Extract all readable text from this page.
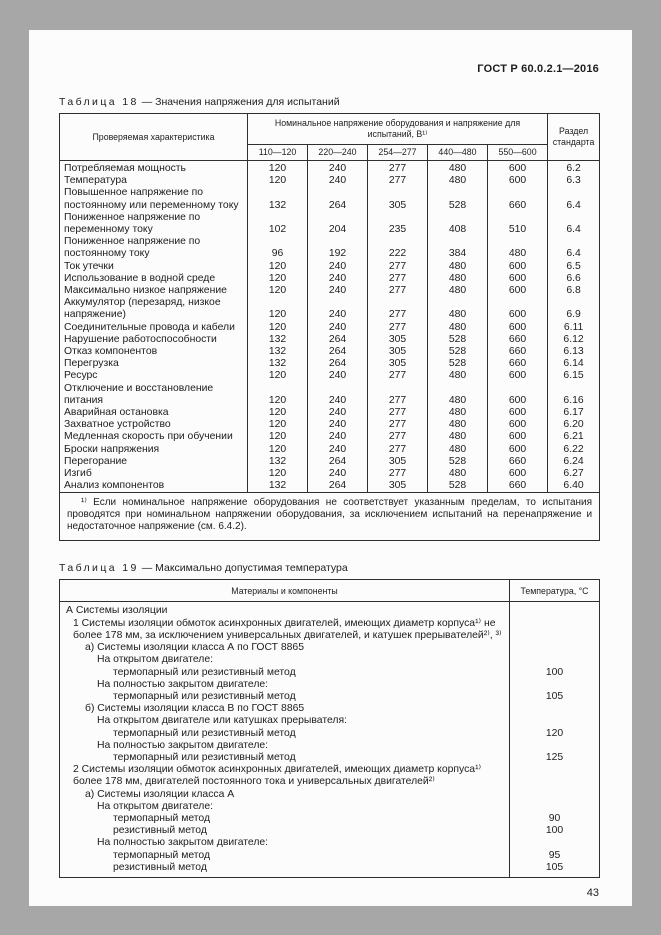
ГОСТ Р 60.0.2.1—2016
Таблица 18 — Значения напряжения для испытаний
Проверяемая характеристика	Номинальное напряжение оборудования и напряжение для испытаний, В¹⁾					Раздел стандарта
	110—120	220—240	254—277	440—480	550—600	
Потребляемая мощность	120	240	277	480	600	6.2
Температура	120	240	277	480	600	6.3
Повышенное напряжение по постоянному или переменному току	132	264	305	528	660	6.4
Пониженное напряжение по переменному току	102	204	235	408	510	6.4
Пониженное напряжение по постоянному току	96	192	222	384	480	6.4
Ток утечки	120	240	277	480	600	6.5
Использование в водной среде	120	240	277	480	600	6.6
Максимально низкое напряжение	120	240	277	480	600	6.8
Аккумулятор (перезаряд, низкое напряжение)	120	240	277	480	600	6.9
Соединительные провода и кабели	120	240	277	480	600	6.11
Нарушение работоспособности	132	264	305	528	660	6.12
Отказ компонентов	132	264	305	528	660	6.13
Перегрузка	132	264	305	528	660	6.14
Ресурс	120	240	277	480	600	6.15
Отключение и восстановление питания	120	240	277	480	600	6.16
Аварийная остановка	120	240	277	480	600	6.17
Захватное устройство	120	240	277	480	600	6.20
Медленная скорость при обучении	120	240	277	480	600	6.21
Броски напряжения	120	240	277	480	600	6.22
Перегорание	132	264	305	528	660	6.24
Изгиб	120	240	277	480	600	6.27
Анализ компонентов	132	264	305	528	660	6.40
¹⁾ Если номинальное напряжение оборудования не соответствует указанным пределам, то испытания проводятся при номинальном напряжении оборудования, за исключением испытаний на перенапряжение и недостаточное напряжение (см. 6.4.2).						
Таблица 19 — Максимально допустимая температура
Материалы и компоненты	Температура, °С
А Системы изоляции	
1 Системы изоляции обмоток асинхронных двигателей, имеющих диаметр корпуса¹⁾ не более 178 мм, за исключением универсальных двигателей, и катушек прерывателей²⁾, ³⁾	
а) Системы изоляции класса А по ГОСТ 8865	
На открытом двигателе:	
термопарный или резистивный метод	100
На полностью закрытом двигателе:	
термопарный или резистивный метод	105
б) Системы изоляции класса В по ГОСТ 8865	
На открытом двигателе или катушках прерывателя:	
термопарный или резистивный метод	120
На полностью закрытом двигателе:	
термопарный или резистивный метод	125
2 Системы изоляции обмоток асинхронных двигателей, имеющих диаметр корпуса¹⁾ более 178 мм, двигателей постоянного тока и универсальных двигателей²⁾	
а) Системы изоляции класса А	
На открытом двигателе:	
термопарный метод	90
резистивный метод	100
На полностью закрытом двигателе:	
термопарный метод	95
резистивный метод	105
43
